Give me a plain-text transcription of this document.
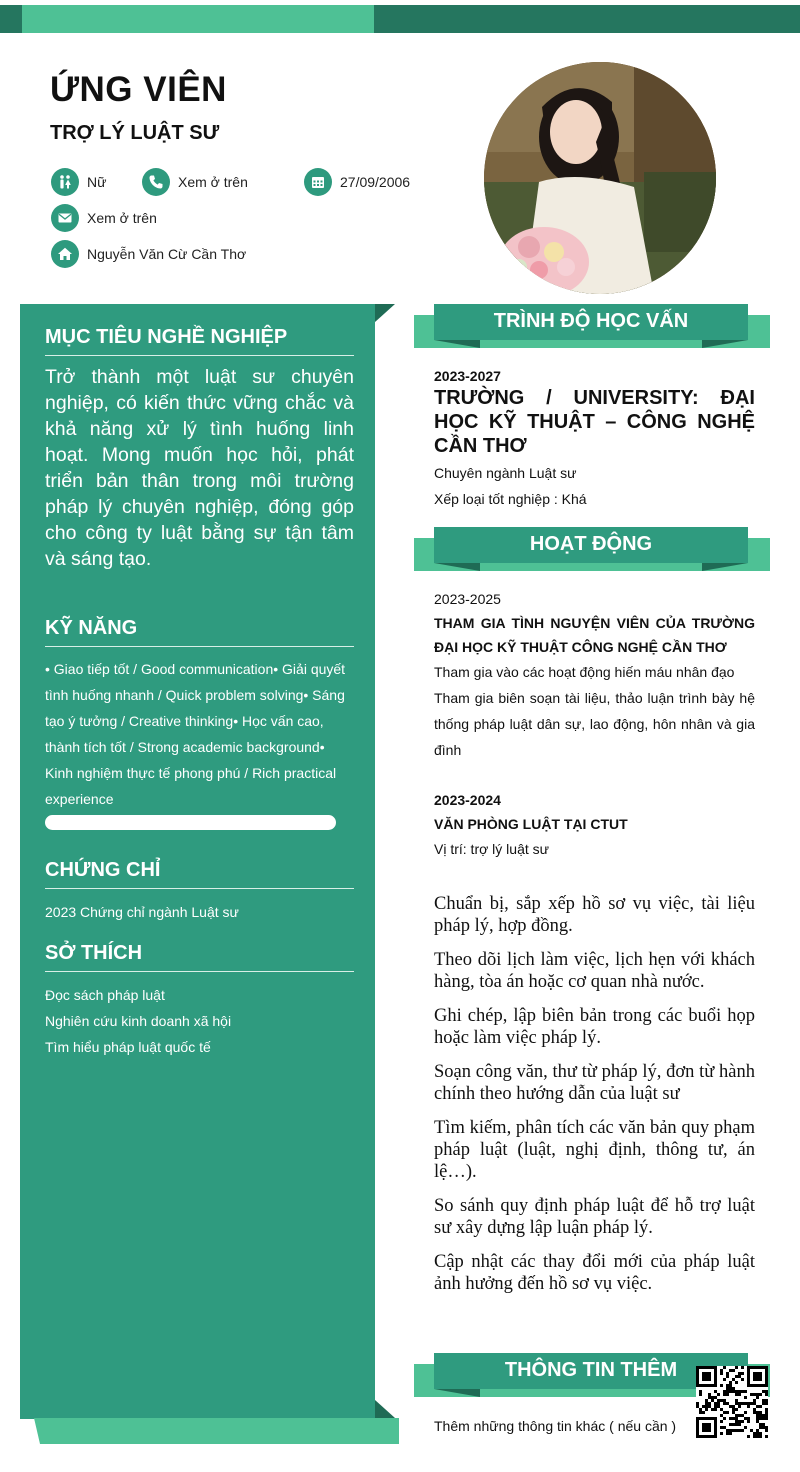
ỨNG VIÊN
TRỢ LÝ LUẬT SƯ
Nữ	Xem ở trên	27/09/2006
Xem ở trên
Nguyễn Văn Cừ Cần Thơ
MỤC TIÊU NGHỀ NGHIỆP
Trở thành một luật sư chuyên nghiệp, có kiến thức vững chắc và khả năng xử lý tình huống linh hoạt. Mong muốn học hỏi, phát triển bản thân trong môi trường pháp lý chuyên nghiệp, đóng góp cho công ty luật bằng sự tận tâm và sáng tạo.
KỸ NĂNG
• Giao tiếp tốt / Good communication• Giải quyết tình huống nhanh / Quick problem solving• Sáng tạo ý tưởng / Creative thinking• Học vấn cao, thành tích tốt / Strong academic background• Kinh nghiệm thực tế phong phú / Rich practical experience
CHỨNG CHỈ
2023 Chứng chỉ ngành Luật sư
SỞ THÍCH
Đọc sách pháp luật
Nghiên cứu kinh doanh xã hội
Tìm hiểu pháp luật quốc tế
TRÌNH ĐỘ HỌC VẤN
2023-2027
TRƯỜNG / UNIVERSITY: ĐẠI HỌC KỸ THUẬT – CÔNG NGHỆ CẦN THƠ
Chuyên ngành Luật sư
Xếp loại tốt nghiệp : Khá
HOẠT ĐỘNG
2023-2025
THAM GIA TÌNH NGUYỆN VIÊN CỦA TRƯỜNG ĐẠI HỌC KỸ THUẬT CÔNG NGHỆ CẦN THƠ
Tham gia vào các hoạt động hiến máu nhân đạo
Tham gia biên soạn tài liệu, thảo luận trình bày hệ thống pháp luật dân sự, lao động, hôn nhân và gia đình
2023-2024
VĂN PHÒNG LUẬT TẠI CTUT
Vị trí: trợ lý luật sư

Chuẩn bị, sắp xếp hồ sơ vụ việc, tài liệu pháp lý, hợp đồng.

Theo dõi lịch làm việc, lịch hẹn với khách hàng, tòa án hoặc cơ quan nhà nước.

Ghi chép, lập biên bản trong các buổi họp hoặc làm việc pháp lý.

Soạn công văn, thư từ pháp lý, đơn từ hành chính theo hướng dẫn của luật sư

Tìm kiếm, phân tích các văn bản quy phạm pháp luật (luật, nghị định, thông tư, án lệ…).

So sánh quy định pháp luật để hỗ trợ luật sư xây dựng lập luận pháp lý.

Cập nhật các thay đổi mới của pháp luật ảnh hưởng đến hồ sơ vụ việc.

THÔNG TIN THÊM
Thêm những thông tin khác ( nếu cần )
